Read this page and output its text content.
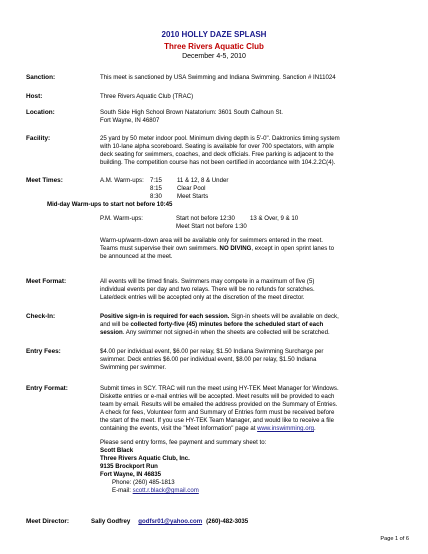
2010 HOLLY DAZE SPLASH
Three Rivers Aquatic Club
December 4-5, 2010
Sanction:	This meet is sanctioned by USA Swimming and Indiana Swimming. Sanction # IN11024
Host:	Three Rivers Aquatic Club (TRAC)
Location:	South Side High School Brown Natatorium: 3601 South Calhoun St.
Fort Wayne, IN 46807
Facility:	25 yard by 50 meter indoor pool. Minimum diving depth is 5'-0". Daktronics timing system
with 10-lane alpha scoreboard. Seating is available for over 700 spectators, with ample
deck seating for swimmers, coaches, and deck officials. Free parking is adjacent to the
building. The competition course has not been certified in accordance with 104.2.2C(4).
Meet Times:	A.M. Warm-ups:	7:15	11 & 12, 8 & Under
8:15	Clear Pool
8:30	Meet Starts
Mid-day Warm-ups to start not before 10:45
P.M. Warm-ups:	Start not before 12:30	13 & Over, 9 & 10
Meet Start not before 1:30
Warm-up/warm-down area will be available only for swimmers entered in the meet.
Teams must supervise their own swimmers. NO DIVING, except in open sprint lanes to
be announced at the meet.
Meet Format:	All events will be timed finals. Swimmers may compete in a maximum of five (5)
individual events per day and two relays. There will be no refunds for scratches.
Late/deck entries will be accepted only at the discretion of the meet director.
Check-In:	Positive sign-in is required for each session. Sign-in sheets will be available on deck,
and will be collected forty-five (45) minutes before the scheduled start of each
session. Any swimmer not signed-in when the sheets are collected will be scratched.
Entry Fees:	$4.00 per individual event, $6.00 per relay, $1.50 Indiana Swimming Surcharge per
swimmer. Deck entries $6.00 per individual event, $8.00 per relay, $1.50 Indiana
Swimming per swimmer.
Entry Format:	Submit times in SCY. TRAC will run the meet using HY-TEK Meet Manager for Windows.
Diskette entries or e-mail entries will be accepted. Meet results will be provided to each
team by email. Results will be emailed the address provided on the Summary of Entries.
A check for fees, Volunteer form and Summary of Entries form must be received before
the start of the meet. If you use HY-TEK Team Manager, and would like to receive a file
containing the events, visit the "Meet Information" page at www.inswimming.org.
Please send entry forms, fee payment and summary sheet to:
Scott Black
Three Rivers Aquatic Club, Inc.
9135 Brockport Run
Fort Wayne, IN 46835
Phone: (260) 485-1813
E-mail: scott.r.black@gmail.com
Meet Director:	Sally Godfrey godfsr01@yahoo.com (260)-482-3035
Page 1 of 6
